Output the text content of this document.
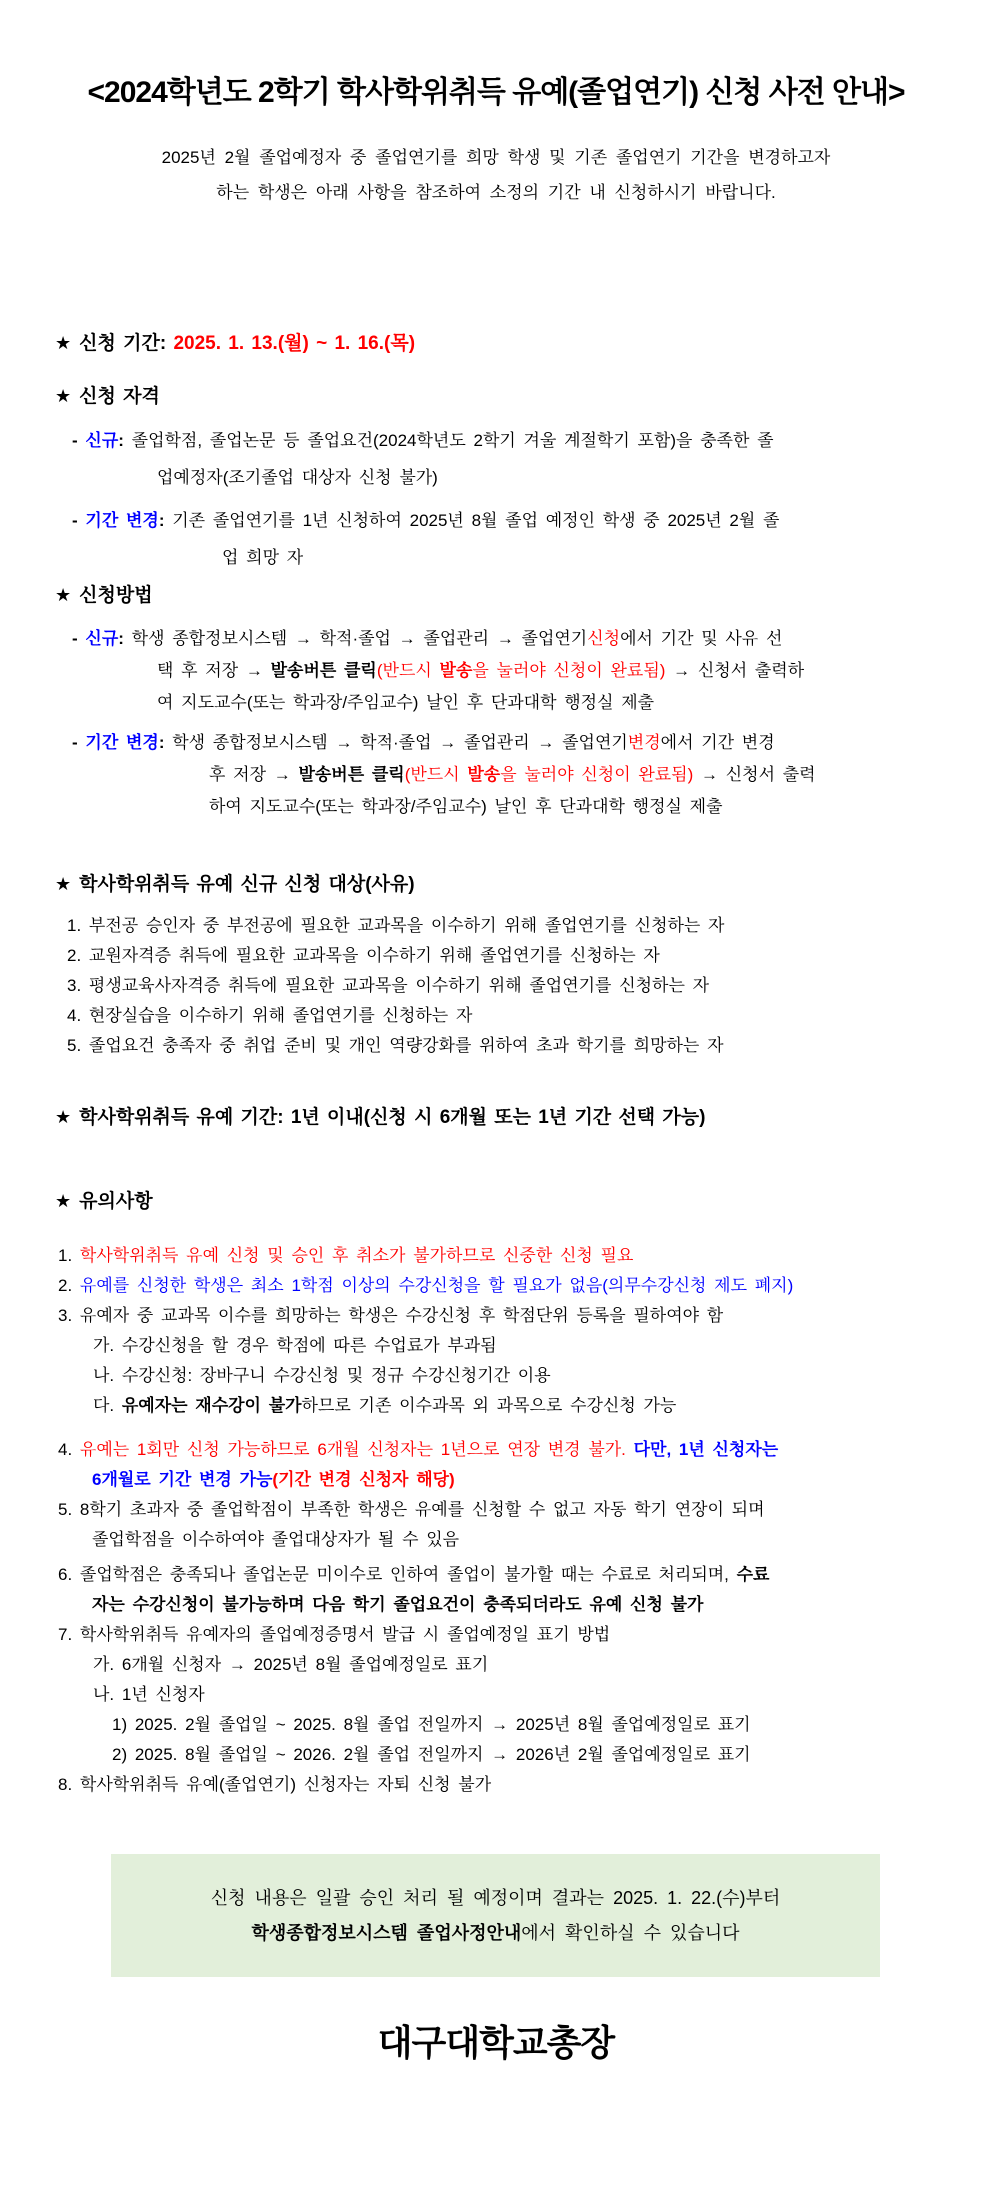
<2024학년도 2학기 학사학위취득 유예(졸업연기) 신청 사전 안내>

2025년 2월 졸업예정자 중 졸업연기를 희망 학생 및 기존 졸업연기 기간을 변경하고자

하는 학생은 아래 사항을 참조하여 소정의 기간 내 신청하시기 바랍니다.

★ 신청 기간: 2025. 1. 13.(월) ~ 1. 16.(목)
★ 신청 자격
- 신규: 졸업학점, 졸업논문 등 졸업요건(2024학년도 2학기 겨울 계절학기 포함)을 충족한 졸
업예정자(조기졸업 대상자 신청 불가)
- 기간 변경: 기존 졸업연기를 1년 신청하여 2025년 8월 졸업 예정인 학생 중 2025년 2월 졸
업 희망 자
★ 신청방법
- 신규: 학생 종합정보시스템 → 학적·졸업 → 졸업관리 → 졸업연기신청에서 기간 및 사유 선
택 후 저장 → 발송버튼 클릭(반드시 발송을 눌러야 신청이 완료됨) → 신청서 출력하
여 지도교수(또는 학과장/주임교수) 날인 후 단과대학 행정실 제출
- 기간 변경: 학생 종합정보시스템 → 학적·졸업 → 졸업관리 → 졸업연기변경에서 기간 변경
후 저장 → 발송버튼 클릭(반드시 발송을 눌러야 신청이 완료됨) → 신청서 출력
하여 지도교수(또는 학과장/주임교수) 날인 후 단과대학 행정실 제출
★ 학사학위취득 유예 신규 신청 대상(사유)
1. 부전공 승인자 중 부전공에 필요한 교과목을 이수하기 위해 졸업연기를 신청하는 자
2. 교원자격증 취득에 필요한 교과목을 이수하기 위해 졸업연기를 신청하는 자
3. 평생교육사자격증 취득에 필요한 교과목을 이수하기 위해 졸업연기를 신청하는 자
4. 현장실습을 이수하기 위해 졸업연기를 신청하는 자
5. 졸업요건 충족자 중 취업 준비 및 개인 역량강화를 위하여 초과 학기를 희망하는 자
★ 학사학위취득 유예 기간: 1년 이내(신청 시 6개월 또는 1년 기간 선택 가능)
★ 유의사항
1. 학사학위취득 유예 신청 및 승인 후 취소가 불가하므로 신중한 신청 필요
2. 유예를 신청한 학생은 최소 1학점 이상의 수강신청을 할 필요가 없음(의무수강신청 제도 폐지)
3. 유예자 중 교과목 이수를 희망하는 학생은 수강신청 후 학점단위 등록을 필하여야 함
가. 수강신청을 할 경우 학점에 따른 수업료가 부과됨
나. 수강신청: 장바구니 수강신청 및 정규 수강신청기간 이용
다. 유예자는 재수강이 불가하므로 기존 이수과목 외 과목으로 수강신청 가능
4. 유예는 1회만 신청 가능하므로 6개월 신청자는 1년으로 연장 변경 불가. 다만, 1년 신청자는
6개월로 기간 변경 가능(기간 변경 신청자 해당)
5. 8학기 초과자 중 졸업학점이 부족한 학생은 유예를 신청할 수 없고 자동 학기 연장이 되며
졸업학점을 이수하여야 졸업대상자가 될 수 있음
6. 졸업학점은 충족되나 졸업논문 미이수로 인하여 졸업이 불가할 때는 수료로 처리되며, 수료
자는 수강신청이 불가능하며 다음 학기 졸업요건이 충족되더라도 유예 신청 불가
7. 학사학위취득 유예자의 졸업예정증명서 발급 시 졸업예정일 표기 방법
가. 6개월 신청자 → 2025년 8월 졸업예정일로 표기
나. 1년 신청자
1) 2025. 2월 졸업일 ~ 2025. 8월 졸업 전일까지 → 2025년 8월 졸업예정일로 표기
2) 2025. 8월 졸업일 ~ 2026. 2월 졸업 전일까지 → 2026년 2월 졸업예정일로 표기
8. 학사학위취득 유예(졸업연기) 신청자는 자퇴 신청 불가

신청 내용은 일괄 승인 처리 될 예정이며 결과는 2025. 1. 22.(수)부터

학생종합정보시스템 졸업사정안내에서 확인하실 수 있습니다

대구대학교총장
